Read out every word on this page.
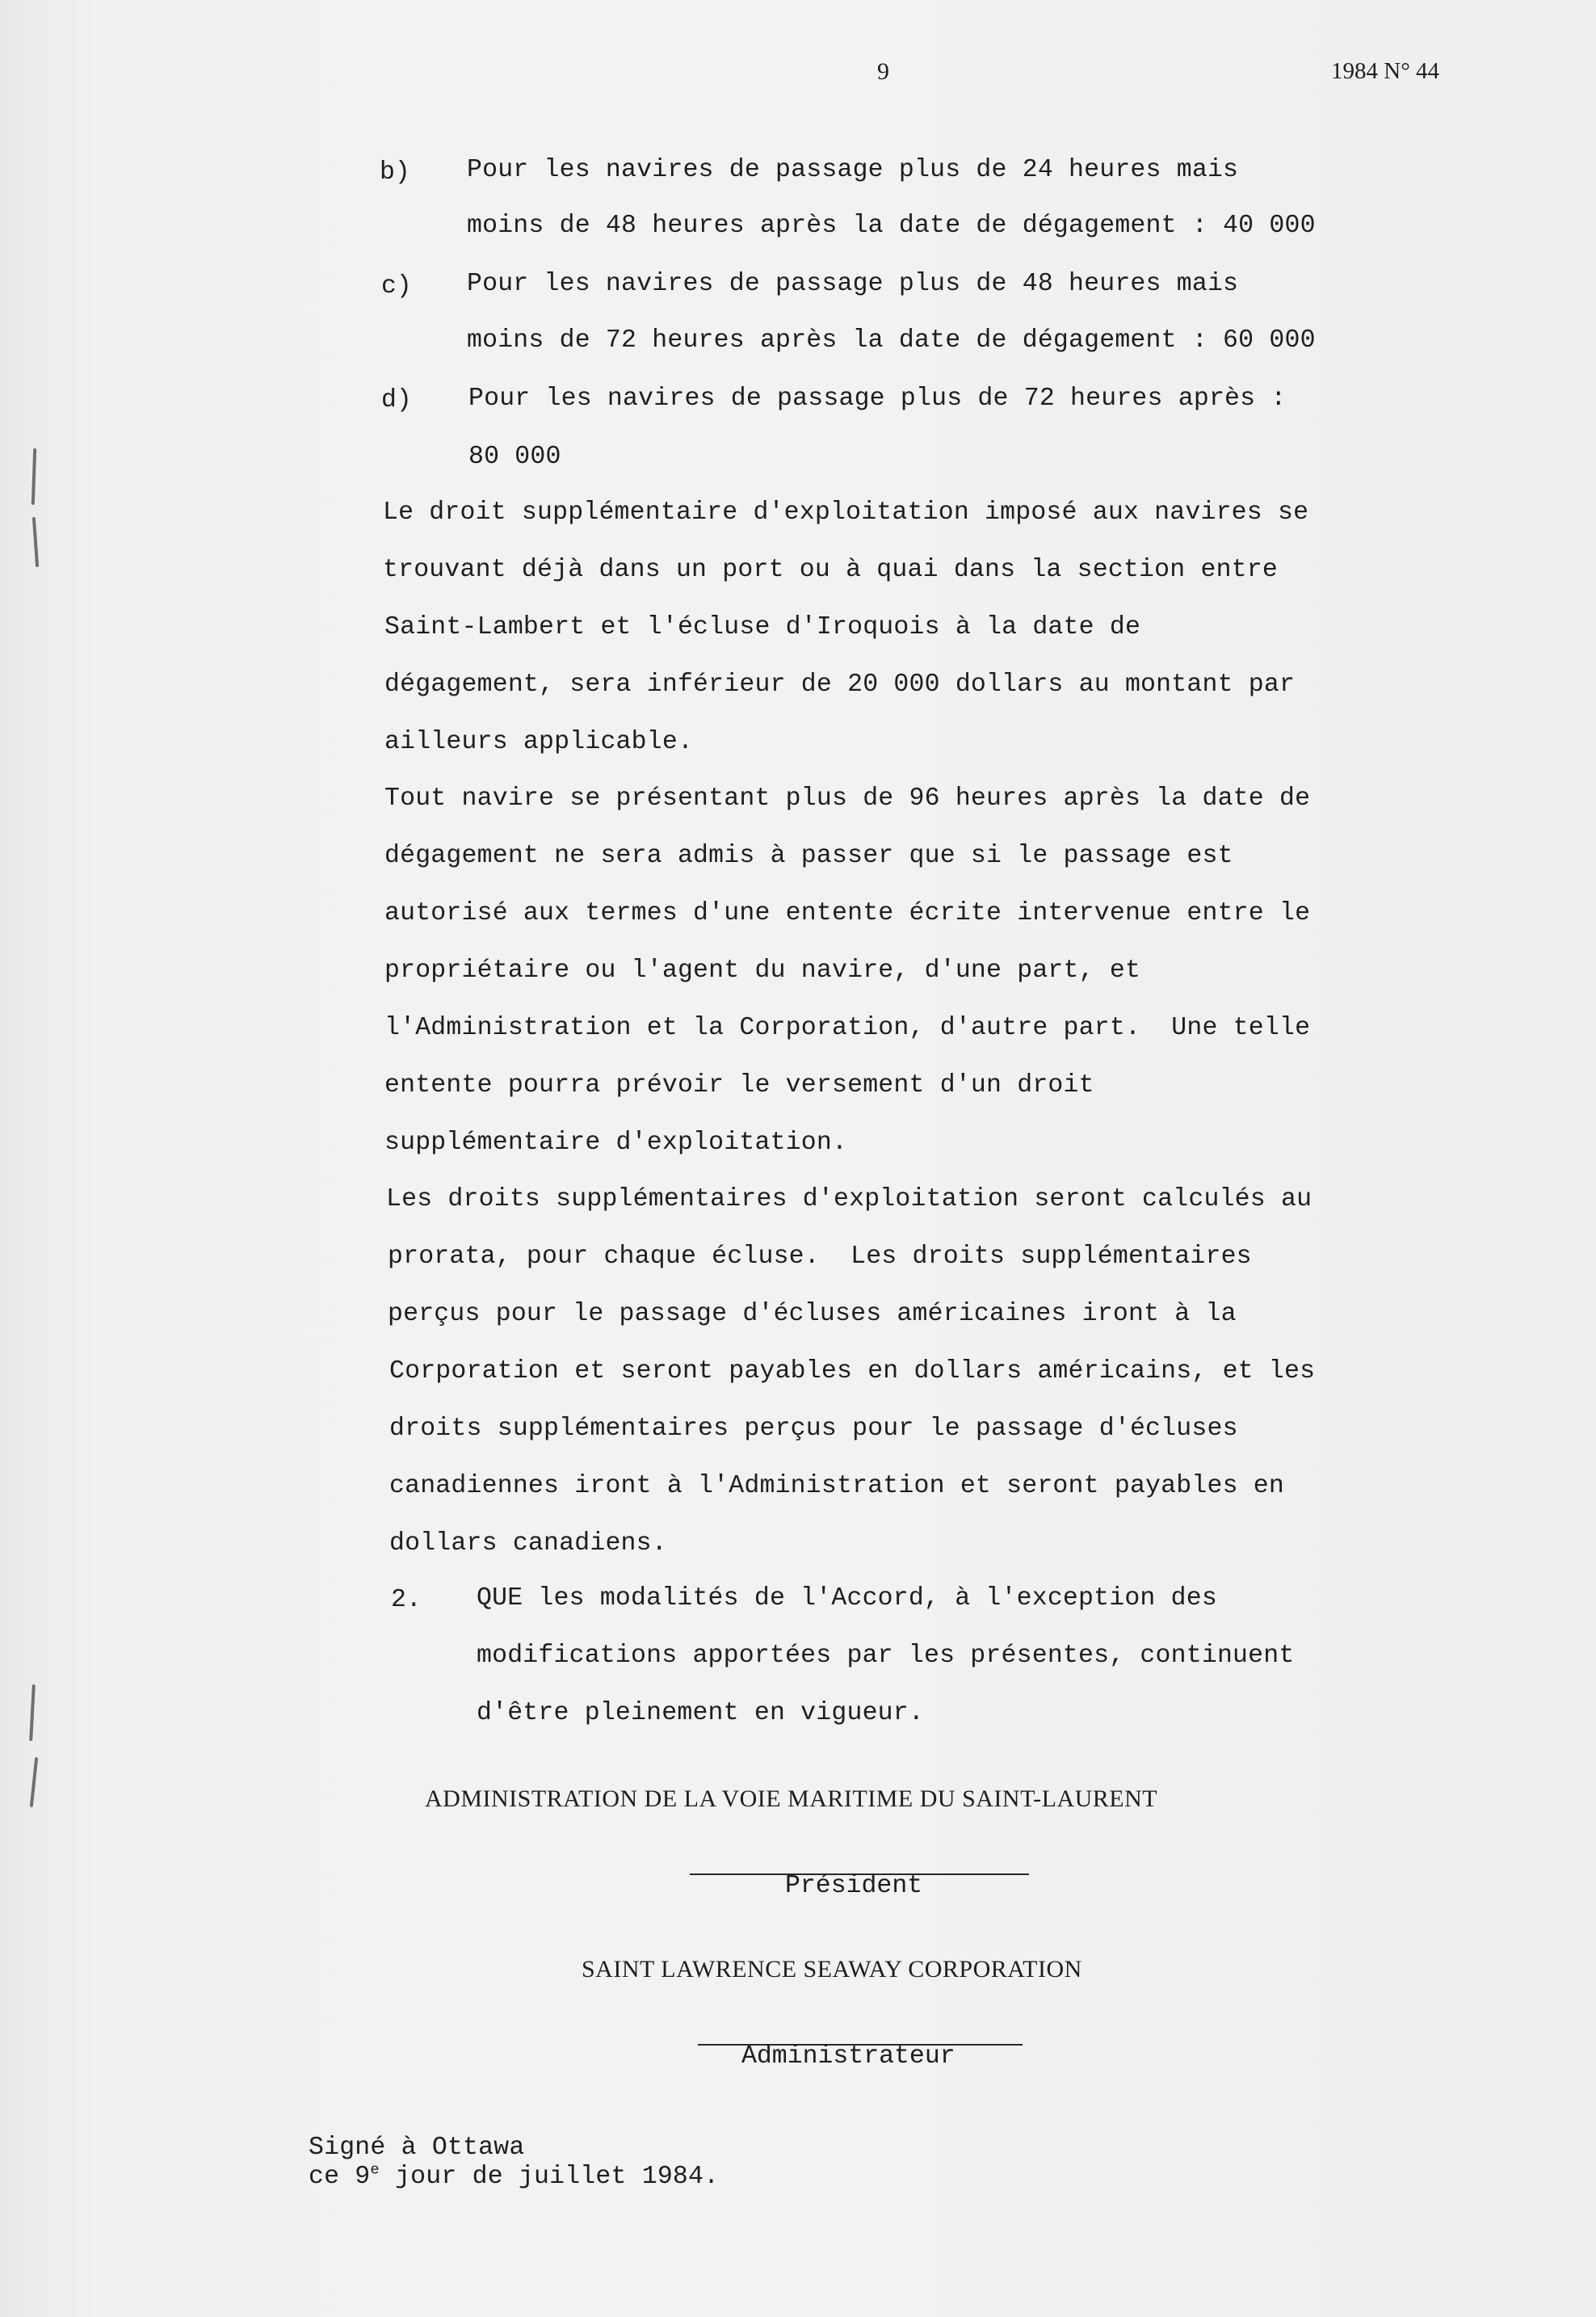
9	1984 N° 44
b) Pour les navires de passage plus de 24 heures mais
moins de 48 heures après la date de dégagement : 40 000
c) Pour les navires de passage plus de 48 heures mais
moins de 72 heures après la date de dégagement : 60 000
d) Pour les navires de passage plus de 72 heures après :
80 000
Le droit supplémentaire d'exploitation imposé aux navires se
trouvant déjà dans un port ou à quai dans la section entre
Saint-Lambert et l'écluse d'Iroquois à la date de
dégagement, sera inférieur de 20 000 dollars au montant par
ailleurs applicable.
Tout navire se présentant plus de 96 heures après la date de
dégagement ne sera admis à passer que si le passage est
autorisé aux termes d'une entente écrite intervenue entre le
propriétaire ou l'agent du navire, d'une part, et
l'Administration et la Corporation, d'autre part.  Une telle
entente pourra prévoir le versement d'un droit
supplémentaire d'exploitation.
Les droits supplémentaires d'exploitation seront calculés au
prorata, pour chaque écluse.  Les droits supplémentaires
perçus pour le passage d'écluses américaines iront à la
Corporation et seront payables en dollars américains, et les
droits supplémentaires perçus pour le passage d'écluses
canadiennes iront à l'Administration et seront payables en
dollars canadiens.
2. QUE les modalités de l'Accord, à l'exception des
modifications apportées par les présentes, continuent
d'être pleinement en vigueur.
ADMINISTRATION DE LA VOIE MARITIME DU SAINT-LAURENT
Président
SAINT LAWRENCE SEAWAY CORPORATION
Administrateur
Signé à Ottawa
ce 9e jour de juillet 1984.
